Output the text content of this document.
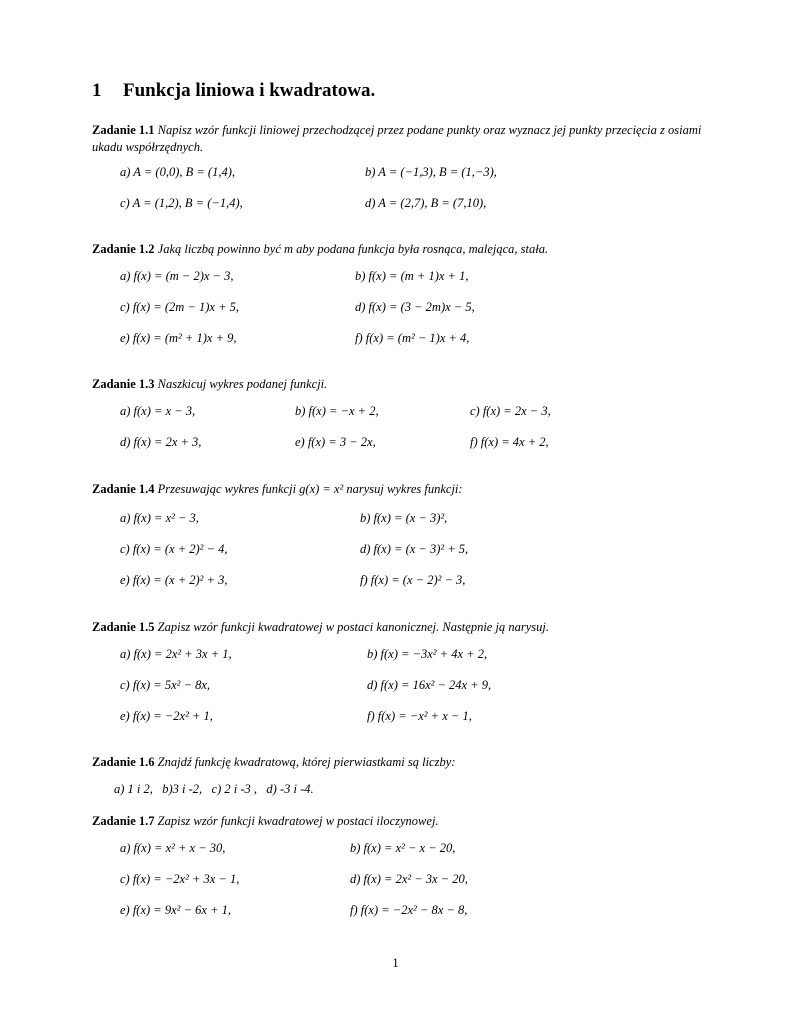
1 Funkcja liniowa i kwadratowa.
Zadanie 1.1 Napisz wzór funkcji liniowej przechodzącej przez podane punkty oraz wyznacz jej punkty przecięcia z osiami ukadu współrzędnych.
a) A = (0,0), B = (1,4),	b) A = (−1,3), B = (1,−3),
c) A = (1,2), B = (−1,4),	d) A = (2,7), B = (7,10),
Zadanie 1.2 Jaką liczbą powinno być m aby podana funkcja była rosnąca, malejąca, stała.
a) f(x) = (m − 2)x − 3,	b) f(x) = (m + 1)x + 1,
c) f(x) = (2m − 1)x + 5,	d) f(x) = (3 − 2m)x − 5,
e) f(x) = (m² + 1)x + 9,	f) f(x) = (m² − 1)x + 4,
Zadanie 1.3 Naszkicuj wykres podanej funkcji.
a) f(x) = x − 3,	b) f(x) = −x + 2,	c) f(x) = 2x − 3,
d) f(x) = 2x + 3,	e) f(x) = 3 − 2x,	f) f(x) = 4x + 2,
Zadanie 1.4 Przesuwając wykres funkcji g(x) = x² narysuj wykres funkcji:
a) f(x) = x² − 3,	b) f(x) = (x − 3)²,
c) f(x) = (x + 2)² − 4,	d) f(x) = (x − 3)² + 5,
e) f(x) = (x + 2)² + 3,	f) f(x) = (x − 2)² − 3,
Zadanie 1.5 Zapisz wzór funkcji kwadratowej w postaci kanonicznej. Następnie ją narysuj.
a) f(x) = 2x² + 3x + 1,	b) f(x) = −3x² + 4x + 2,
c) f(x) = 5x² − 8x,	d) f(x) = 16x² − 24x + 9,
e) f(x) = −2x² + 1,	f) f(x) = −x² + x − 1,
Zadanie 1.6 Znajdź funkcję kwadratową, której pierwiastkami są liczby:
a) 1 i 2,   b)3 i -2,   c) 2 i -3 ,   d) -3 i -4.
Zadanie 1.7 Zapisz wzór funkcji kwadratowej w postaci iloczynowej.
a) f(x) = x² + x − 30,	b) f(x) = x² − x − 20,
c) f(x) = −2x² + 3x − 1,	d) f(x) = 2x² − 3x − 20,
e) f(x) = 9x² − 6x + 1,	f) f(x) = −2x² − 8x − 8,
1
